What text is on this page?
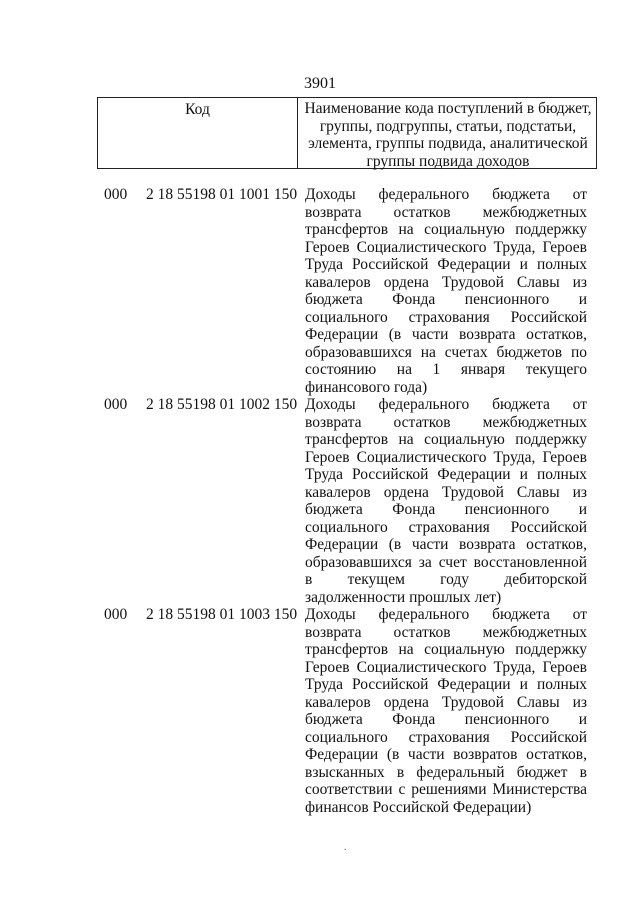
3901
Код	Наименование кода поступлений в бюджет, группы, подгруппы, статьи, подстатьи, элемента, группы подвида, аналитической группы подвида доходов
000 2 18 55198 01 1001 150 Доходы федерального бюджета от возврата остатков межбюджетных трансфертов на социальную поддержку Героев Социалистического Труда, Героев Труда Российской Федерации и полных кавалеров ордена Трудовой Славы из бюджета Фонда пенсионного и социального страхования Российской Федерации (в части возврата остатков, образовавшихся на счетах бюджетов по состоянию на 1 января текущего финансового года)
000 2 18 55198 01 1002 150 Доходы федерального бюджета от возврата остатков межбюджетных трансфертов на социальную поддержку Героев Социалистического Труда, Героев Труда Российской Федерации и полных кавалеров ордена Трудовой Славы из бюджета Фонда пенсионного и социального страхования Российской Федерации (в части возврата остатков, образовавшихся за счет восстановленной в текущем году дебиторской задолженности прошлых лет)
000 2 18 55198 01 1003 150 Доходы федерального бюджета от возврата остатков межбюджетных трансфертов на социальную поддержку Героев Социалистического Труда, Героев Труда Российской Федерации и полных кавалеров ордена Трудовой Славы из бюджета Фонда пенсионного и социального страхования Российской Федерации (в части возвратов остатков, взысканных в федеральный бюджет в соответствии с решениями Министерства финансов Российской Федерации)
.
